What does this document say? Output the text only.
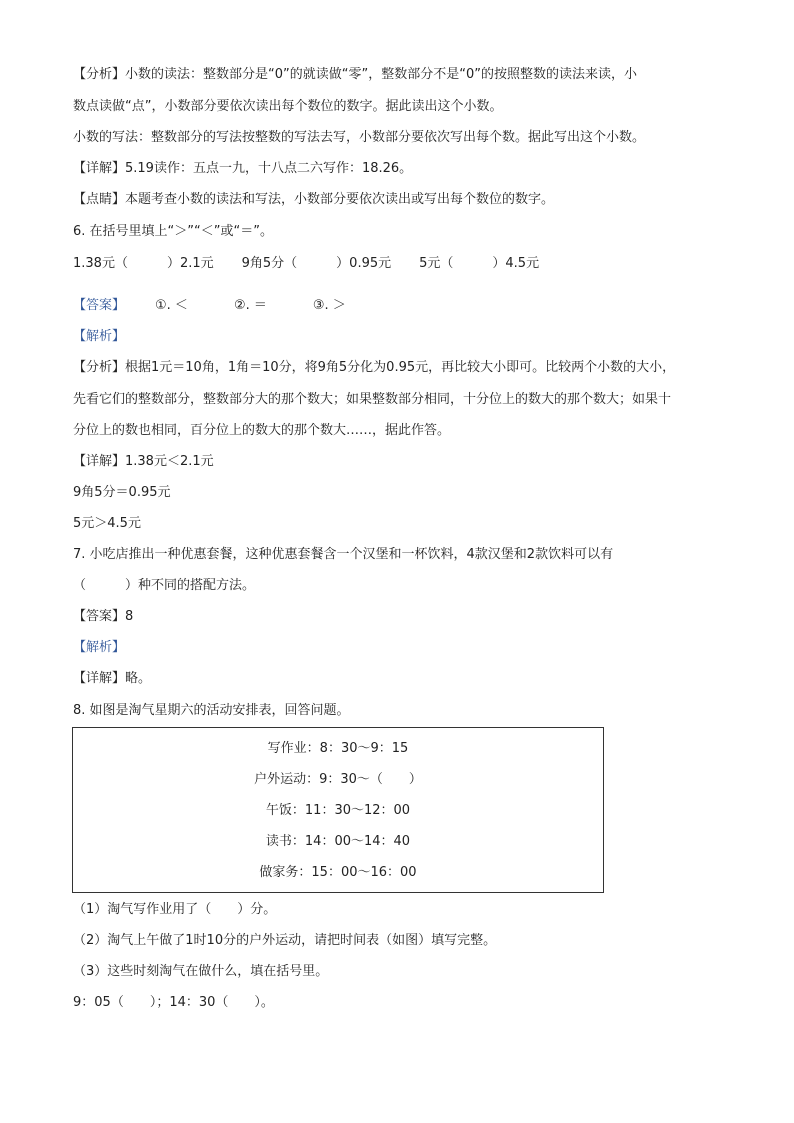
【分析】小数的读法：整数部分是“0”的就读做“零”，整数部分不是“0”的按照整数的读法来读，小
数点读做“点”，小数部分要依次读出每个数位的数字。据此读出这个小数。
小数的写法：整数部分的写法按整数的写法去写，小数部分要依次写出每个数。据此写出这个小数。
【详解】5.19读作：五点一九，十八点二六写作：18.26。
【点睛】本题考查小数的读法和写法，小数部分要依次读出或写出每个数位的数字。
6. 在括号里填上“＞”“＜”或“＝”。
1.38元（　　　）2.1元 9角5分（　　　）0.95元 5元（　　　）4.5元
【答案】 ①. ＜	②. ＝	③. ＞
【解析】
【分析】根据1元＝10角，1角＝10分，将9角5分化为0.95元，再比较大小即可。比较两个小数的大小，
先看它们的整数部分，整数部分大的那个数大；如果整数部分相同，十分位上的数大的那个数大；如果十
分位上的数也相同，百分位上的数大的那个数大……，据此作答。
【详解】1.38元＜2.1元
9角5分＝0.95元
5元＞4.5元
7. 小吃店推出一种优惠套餐，这种优惠套餐含一个汉堡和一杯饮料，4款汉堡和2款饮料可以有
（　　　）种不同的搭配方法。
【答案】8
【解析】
【详解】略。
8. 如图是淘气星期六的活动安排表，回答问题。
写作业：8：30～9：15
户外运动：9：30～（　　）
午饭：11：30～12：00
读书：14：00～14：40
做家务：15：00～16：00
（1）淘气写作业用了（　　）分。
（2）淘气上午做了1时10分的户外运动，请把时间表（如图）填写完整。
（3）这些时刻淘气在做什么，填在括号里。
9：05（　　）；14：30（　　）。
